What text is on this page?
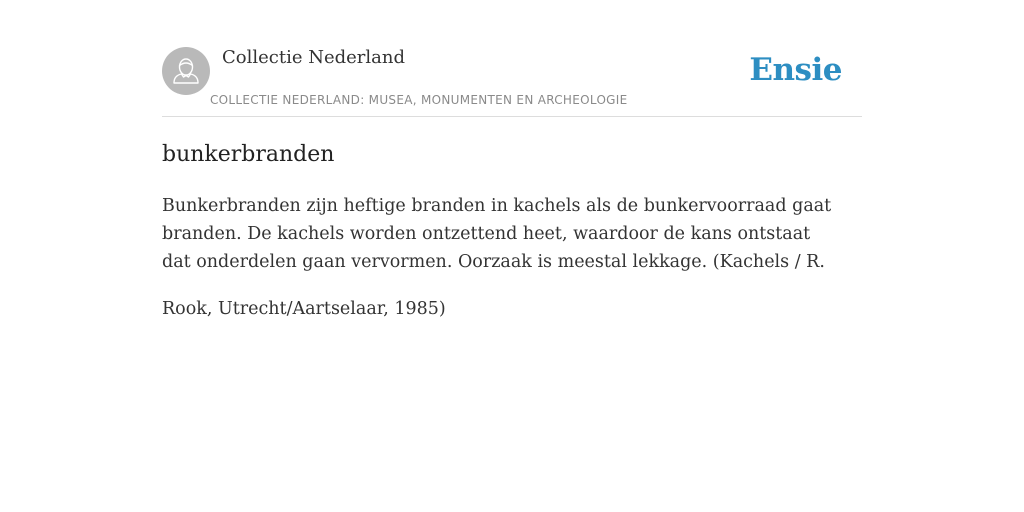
Collectie Nederland
COLLECTIE NEDERLAND: MUSEA, MONUMENTEN EN ARCHEOLOGIE
Ensie
bunkerbranden

Bunkerbranden zijn heftige branden in kachels als de bunkervoorraad gaat branden. De kachels worden ontzettend heet, waardoor de kans ontstaat dat onderdelen gaan vervormen. Oorzaak is meestal lekkage. (Kachels / R.

Rook, Utrecht/Aartselaar, 1985)
